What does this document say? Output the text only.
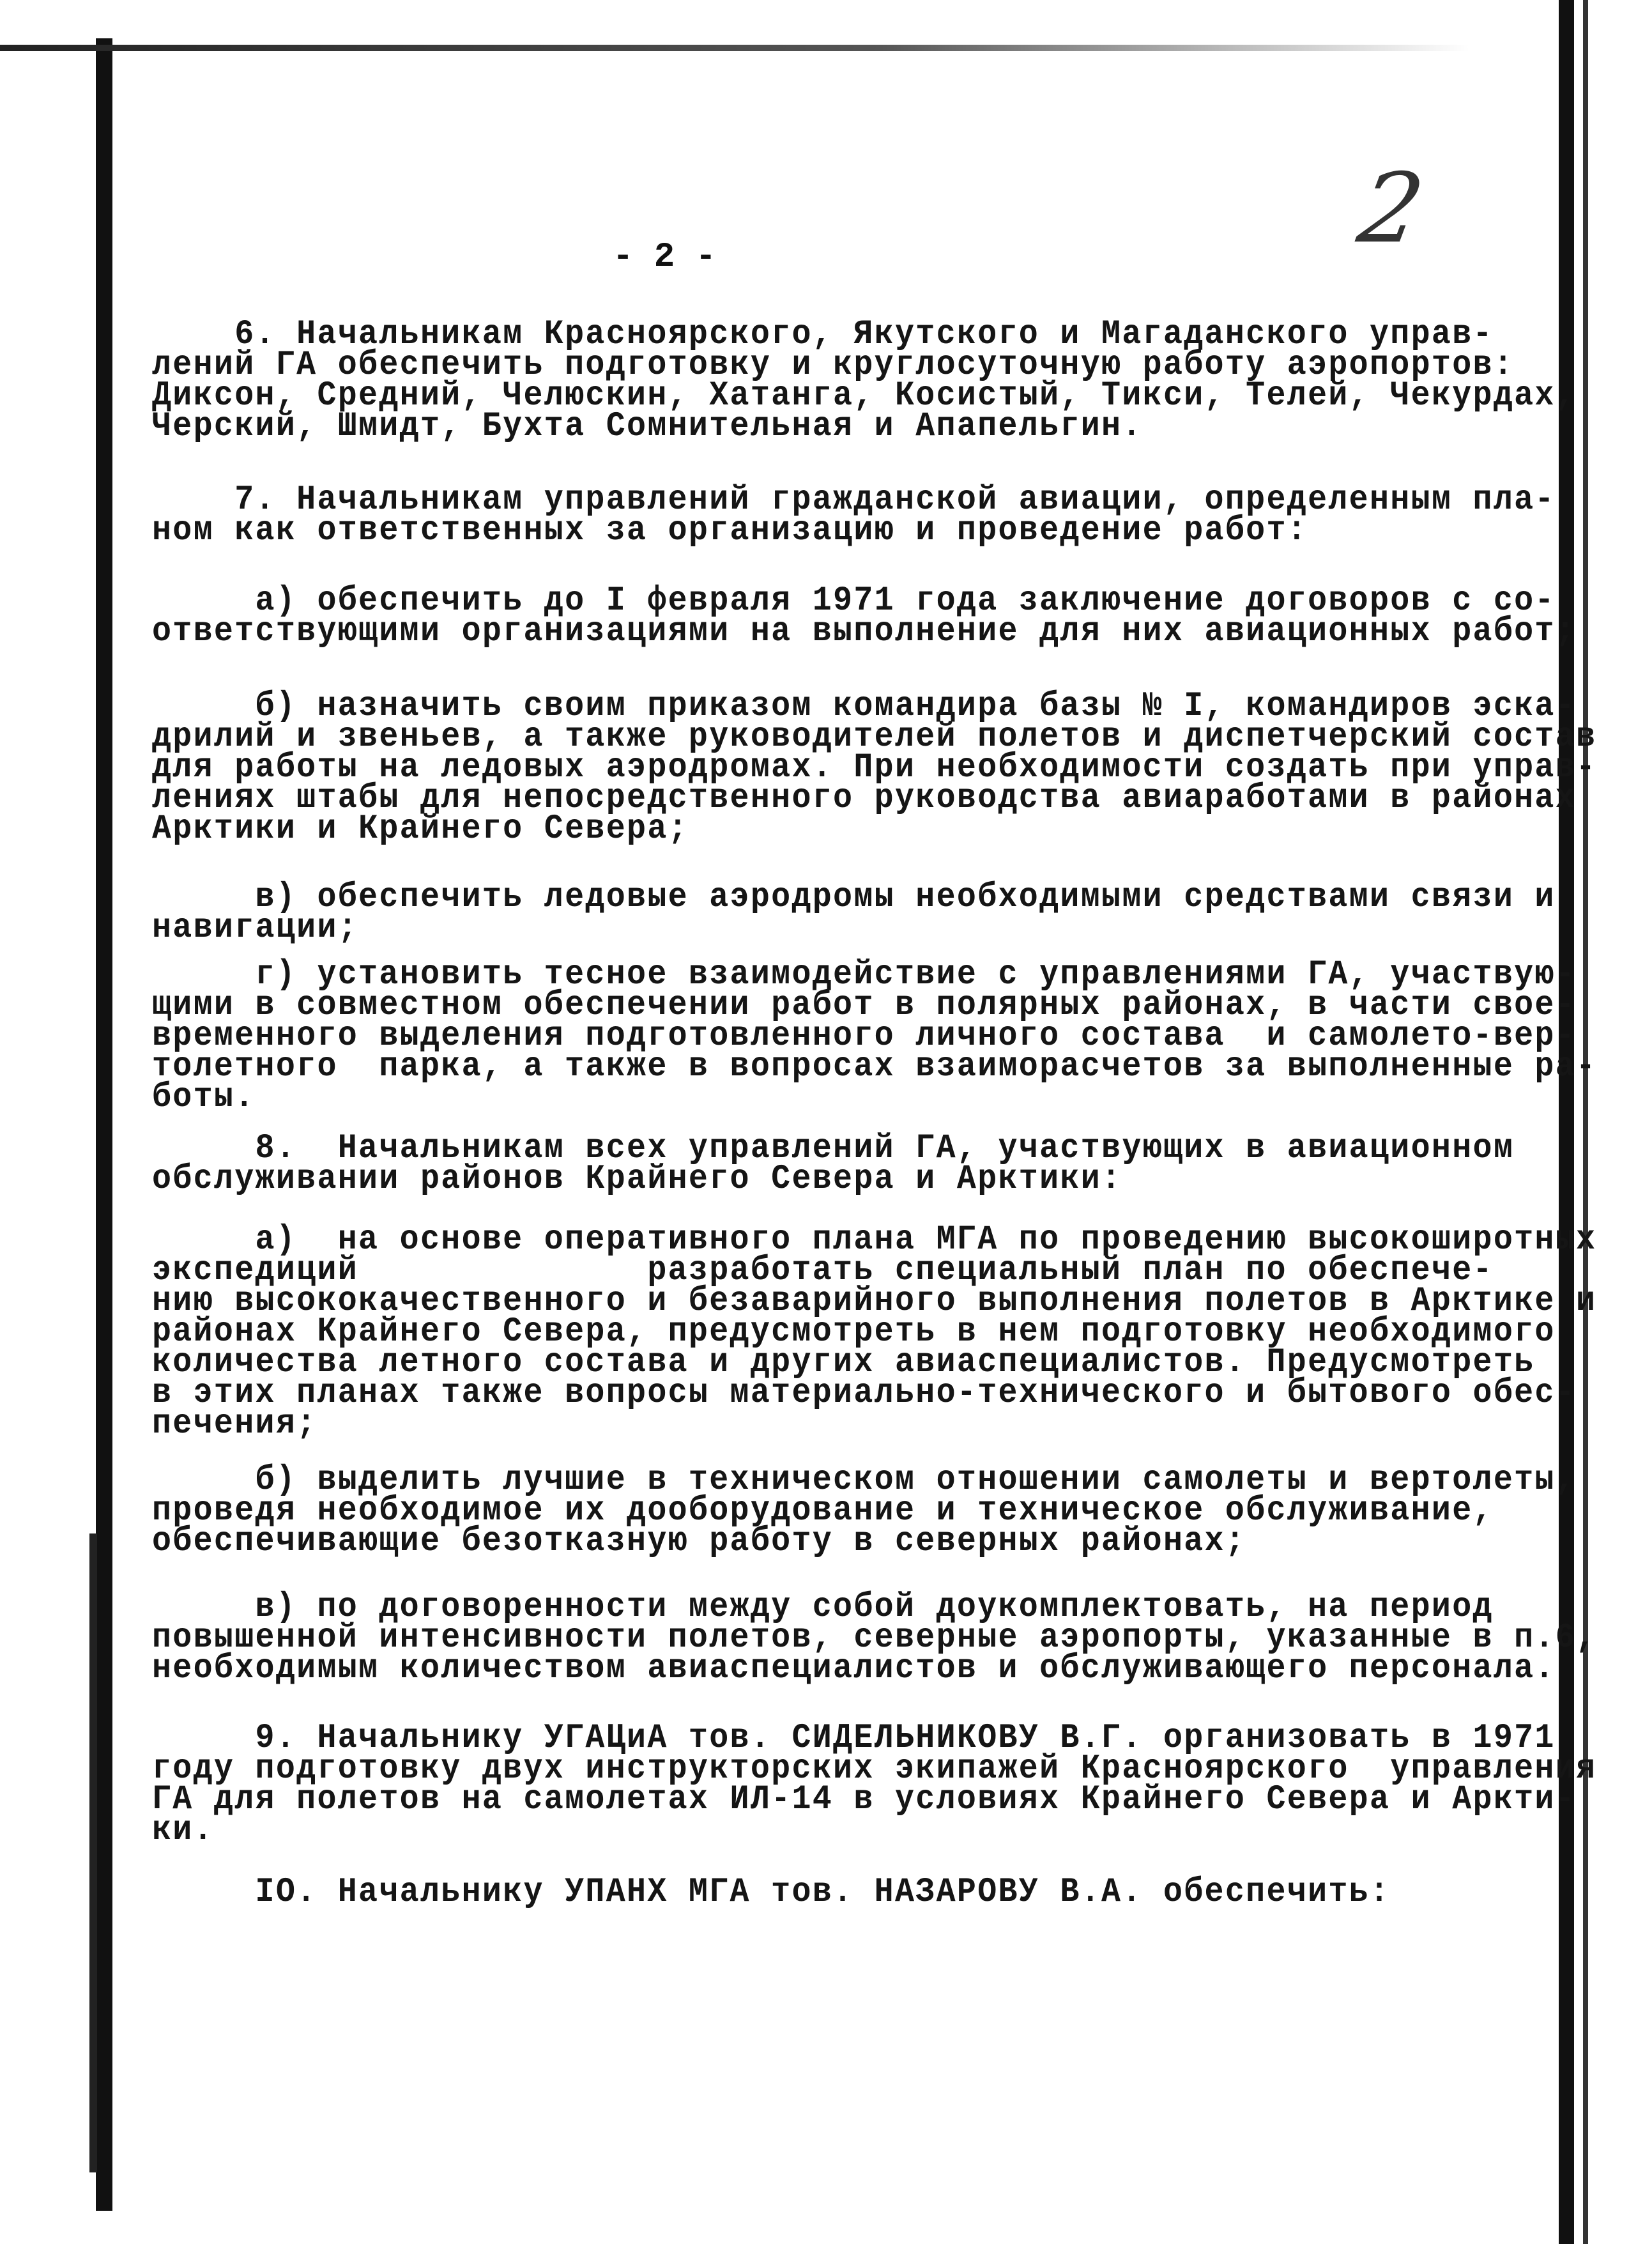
2
- 2 -
6. Начальникам Красноярского, Якутского и Магаданского управ-
лений ГА обеспечить подготовку и круглосуточную работу аэропортов:
Диксон, Средний, Челюскин, Хатанга, Косистый, Тикси, Телей, Чекурдах,
Черский, Шмидт, Бухта Сомнительная и Апапельгин.
7. Начальникам управлений гражданской авиации, определенным пла-
ном как ответственных за организацию и проведение работ:
а) обеспечить до I февраля 1971 года заключение договоров с со-
ответствующими организациями на выполнение для них авиационных работ;
б) назначить своим приказом командира базы № I, командиров эска-
дрилий и звеньев, а также руководителей полетов и диспетчерский состав
для работы на ледовых аэродромах. При необходимости создать при управ-
лениях штабы для непосредственного руководства авиаработами в районах
Арктики и Крайнего Севера;
в) обеспечить ледовые аэродромы необходимыми средствами связи и
навигации;
г) установить тесное взаимодействие с управлениями ГА, участвую-
щими в совместном обеспечении работ в полярных районах, в части свое-
временного выделения подготовленного личного состава  и самолето-вер-
толетного  парка, а также в вопросах взаиморасчетов за выполненные ра-
боты.
8.  Начальникам всех управлений ГА, участвующих в авиационном
обслуживании районов Крайнего Севера и Арктики:
а)  на основе оперативного плана МГА по проведению высокоширотных
экспедиций              разработать специальный план по обеспече-
нию высококачественного и безаварийного выполнения полетов в Арктике и
районах Крайнего Севера, предусмотреть в нем подготовку необходимого
количества летного состава и других авиаспециалистов. Предусмотреть
в этих планах также вопросы материально-технического и бытового обес-
печения;
б) выделить лучшие в техническом отношении самолеты и вертолеты,
проведя необходимое их дооборудование и техническое обслуживание,
обеспечивающие безотказную работу в северных районах;
в) по договоренности между собой доукомплектовать, на период
повышенной интенсивности полетов, северные аэропорты, указанные в п.6,
необходимым количеством авиаспециалистов и обслуживающего персонала.
9. Начальнику УГАЦиА тов. СИДЕЛЬНИКОВУ В.Г. организовать в 1971
году подготовку двух инструкторских экипажей Красноярского  управления
ГА для полетов на самолетах ИЛ-14 в условиях Крайнего Севера и Аркти-
ки.
IO. Начальнику УПАНХ МГА тов. НАЗАРОВУ В.А. обеспечить:
